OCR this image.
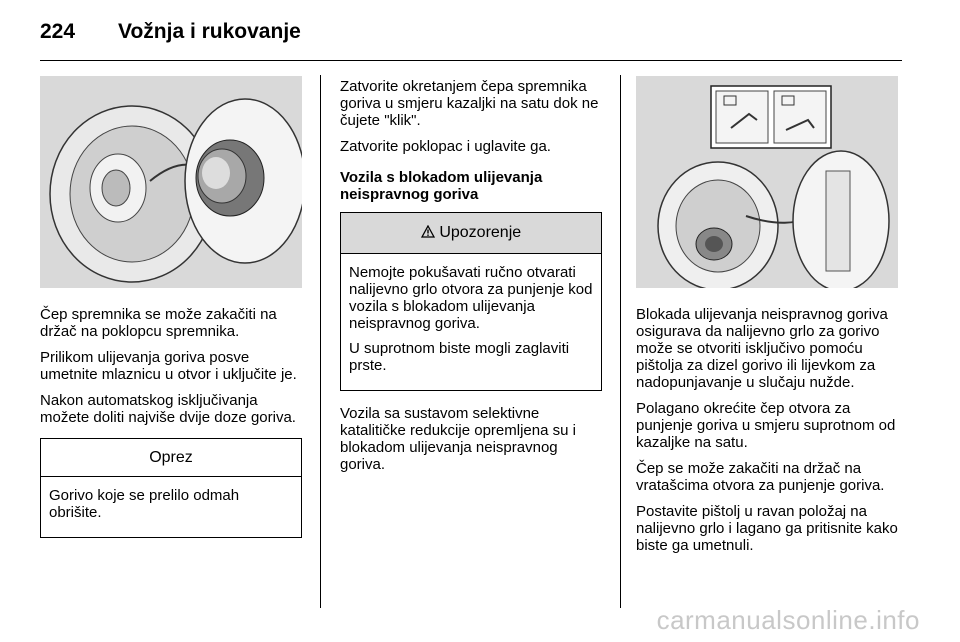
224 Vožnja i rukovanje

Čep spremnika se može zakačiti na držač na poklopcu spremnika.

Prilikom ulijevanja goriva posve umetnite mlaznicu u otvor i uključite je.

Nakon automatskog isključivanja možete doliti najviše dvije doze goriva.

Oprez

Gorivo koje se prelilo odmah obrišite.

Zatvorite okretanjem čepa spremnika goriva u smjeru kazaljki na satu dok ne čujete "klik".

Zatvorite poklopac i uglavite ga.

Vozila s blokadom ulijevanja neispravnog goriva

Upozorenje

Nemojte pokušavati ručno otvarati nalijevno grlo otvora za punjenje kod vozila s blokadom ulijevanja neispravnog goriva.

U suprotnom biste mogli zaglaviti prste.

Vozila sa sustavom selektivne katalitičke redukcije opremljena su i blokadom ulijevanja neispravnog goriva.

Blokada ulijevanja neispravnog goriva osigurava da nalijevno grlo za gorivo može se otvoriti isključivo pomoću pištolja za dizel gorivo ili lijevkom za nadopunjavanje u slučaju nužde.

Polagano okrećite čep otvora za punjenje goriva u smjeru suprotnom od kazaljke na satu.

Čep se može zakačiti na držač na vratašcima otvora za punjenje goriva.

Postavite pištolj u ravan položaj na nalijevno grlo i lagano ga pritisnite kako biste ga umetnuli.

carmanualsonline.info
